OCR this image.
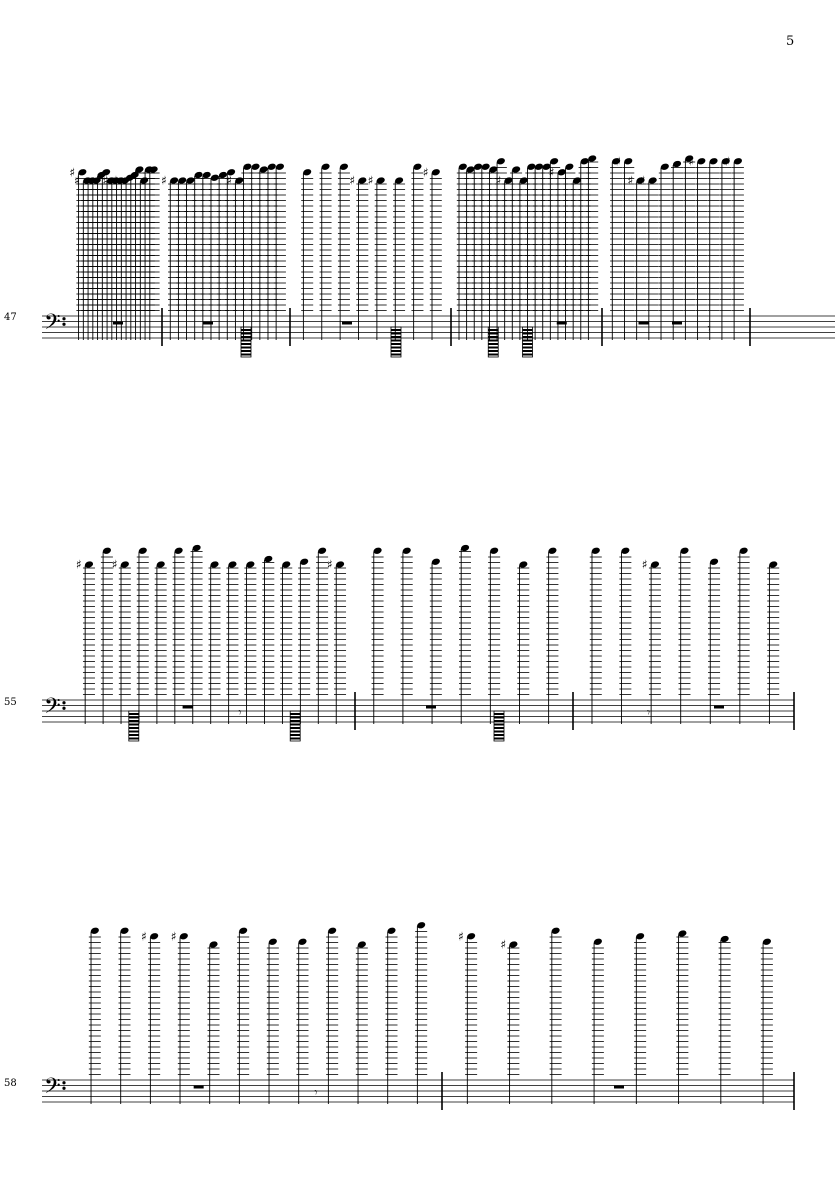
5
47
55
58
𝄢
♯
♯ ♯ ♯	♯	♯	♯ ♯
♯
♯
♯
♯
♯ ♯
♯	♯
𝄾
𝄢
♯	♯	♯
𝄾
♯
𝄾
𝄢
♯ ♯
𝄾
♯
♯
